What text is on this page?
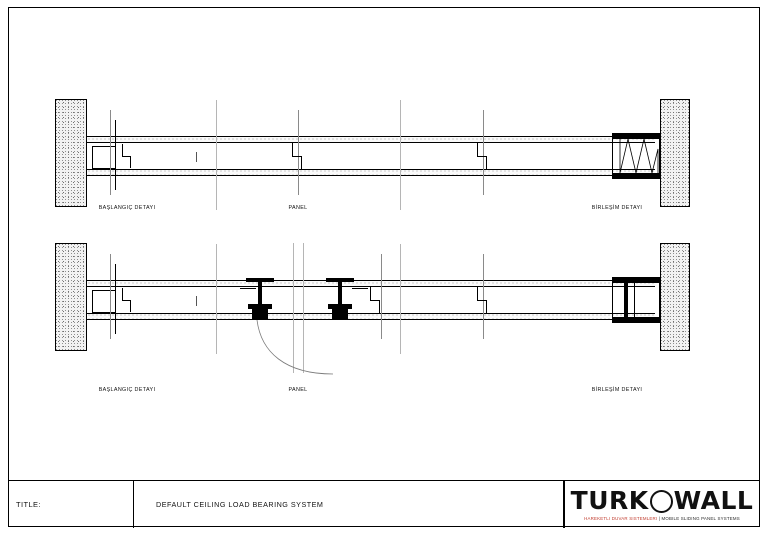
BAŞLANGIÇ DETAYI	PANEL	BİRLEŞİM DETAYI
BAŞLANGIÇ DETAYI	PANEL	BİRLEŞİM DETAYI
TITLE:	DEFAULT CEILING LOAD BEARING SYSTEM	TURK WALL
HAREKETLI DUVAR SISTEMLERI | MOBILE SLIDING PANEL SYSTEMS
